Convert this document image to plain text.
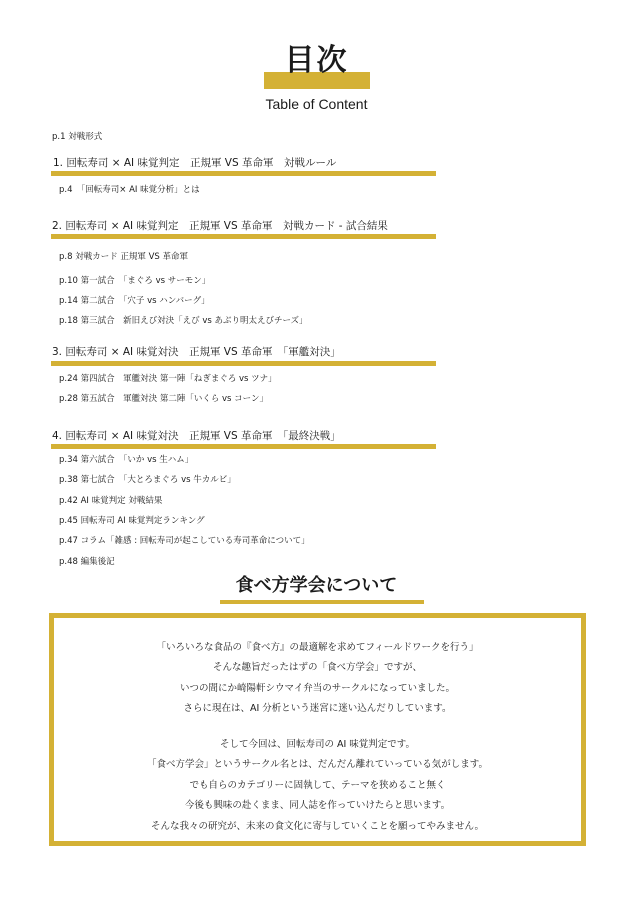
目次
Table of Content
p.1 対戦形式
1. 回転寿司 × AI 味覚判定　正規軍 VS 革命軍　対戦ルール
p.4　「回転寿司× AI 味覚分析」とは
2. 回転寿司 × AI 味覚判定　正規軍 VS 革命軍　対戦カード - 試合結果
p.8 対戦カード 正規軍 VS 革命軍
p.10 第一試合　「まぐろ vs サーモン」
p.14 第二試合　「穴子 vs ハンバーグ」
p.18 第三試合　新旧えび対決「えび vs あぶり明太えびチーズ」
3. 回転寿司 × AI 味覚対決　正規軍 VS 革命軍　「軍艦対決」
p.24 第四試合　軍艦対決 第一陣「ねぎまぐろ vs ツナ」
p.28 第五試合　軍艦対決 第二陣「いくら vs コーン」
4. 回転寿司 × AI 味覚対決　正規軍 VS 革命軍　「最終決戦」
p.34 第六試合　「いか vs 生ハム」
p.38 第七試合　「大とろまぐろ vs 牛カルビ」
p.42 AI 味覚判定 対戦結果
p.45 回転寿司 AI 味覚判定ランキング
p.47 コラム「雑感 : 回転寿司が起こしている寿司革命について」
p.48 編集後記
食べ方学会について
「いろいろな食品の『食べ方』の最適解を求めてフィールドワークを行う」
そんな趣旨だったはずの「食べ方学会」ですが、
いつの間にか崎陽軒シウマイ弁当のサークルになっていました。
さらに現在は、AI 分析という迷宮に迷い込んだりしています。
そして今回は、回転寿司の AI 味覚判定です。
「食べ方学会」というサークル名とは、だんだん離れていっている気がします。
でも自らのカテゴリーに固執して、テーマを狭めること無く
今後も興味の赴くまま、同人誌を作っていけたらと思います。
そんな我々の研究が、未来の食文化に寄与していくことを願ってやみません。
